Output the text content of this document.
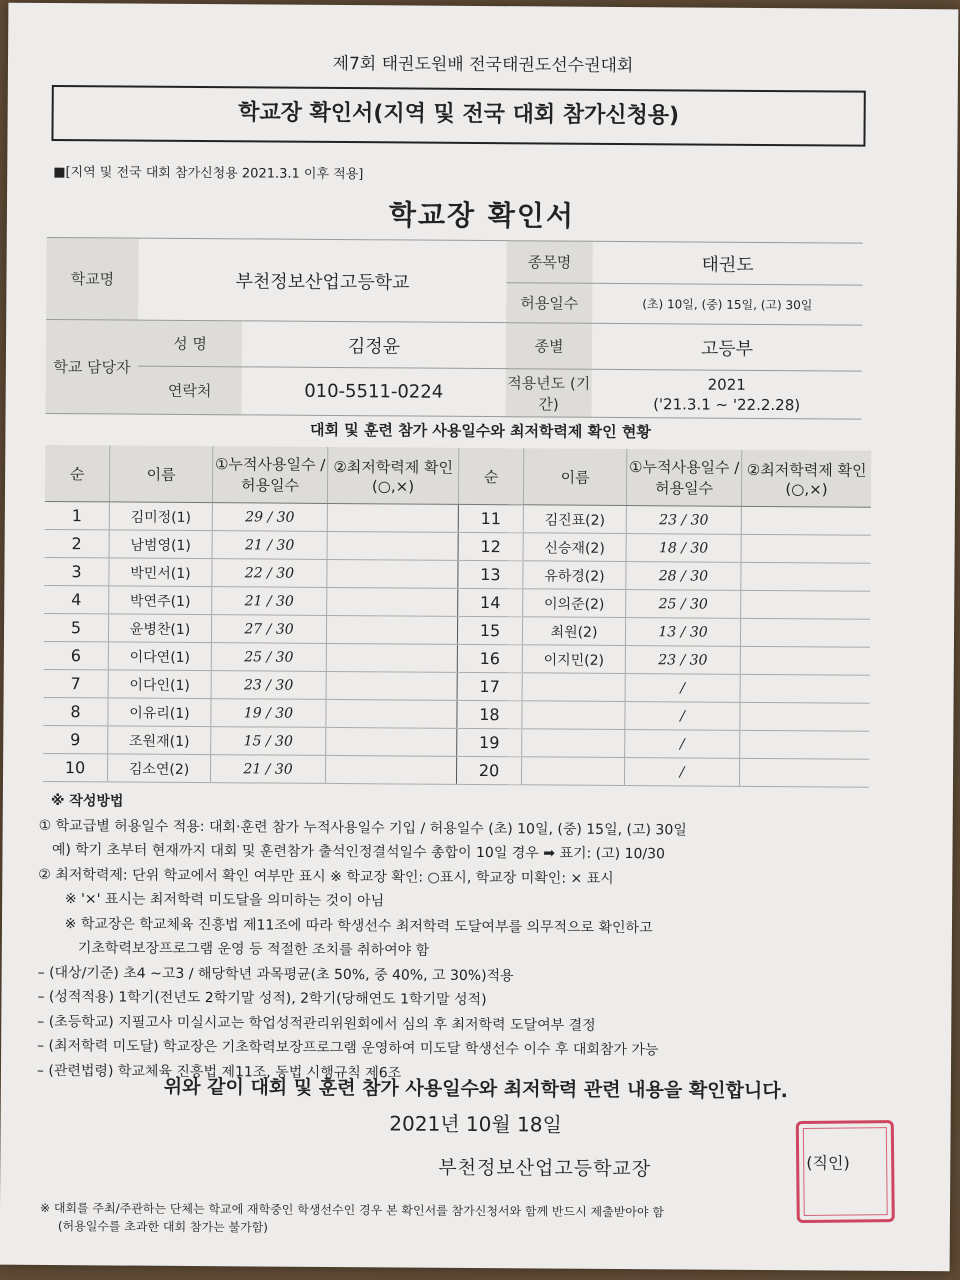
제7회 태권도원배 전국태권도선수권대회
학교장 확인서(지역 및 전국 대회 참가신청용)
■[지역 및 전국 대회 참가신청용 2021.3.1 이후 적용]
학교장 확인서
학교명	부천정보산업고등학교		종목명	태권도
			허용일수	(초) 10일, (중) 15일, (고) 30일
학교 담당자	성 명	김정윤	종별	고등부
	연락처	010-5511-0224	적용년도 (기간)	2021
('21.3.1 ~ '22.2.28)
대회 및 훈련 참가 사용일수와 최저학력제 확인 현황
순	이름	①누적사용일수 /허용일수	②최저학력제 확인(○,×)	순	이름	①누적사용일수 /허용일수	②최저학력제 확인(○,×)
1	김미정(1)	29 / 30		11	김진표(2)	23 / 30	
2	남범영(1)	21 / 30		12	신승재(2)	18 / 30	
3	박민서(1)	22 / 30		13	유하경(2)	28 / 30	
4	박연주(1)	21 / 30		14	이의준(2)	25 / 30	
5	윤병찬(1)	27 / 30		15	최원(2)	13 / 30	
6	이다연(1)	25 / 30		16	이지민(2)	23 / 30	
7	이다인(1)	23 / 30		17		/	
8	이유리(1)	19 / 30		18		/	
9	조원재(1)	15 / 30		19		/	
10	김소연(2)	21 / 30		20		/	
※ 작성방법
① 학교급별 허용일수 적용: 대회·훈련 참가 누적사용일수 기입 / 허용일수 (초) 10일, (중) 15일, (고) 30일
예) 학기 초부터 현재까지 대회 및 훈련참가 출석인정결석일수 총합이 10일 경우 ➡ 표기: (고) 10/30
② 최저학력제: 단위 학교에서 확인 여부만 표시 ※ 학교장 확인: ○표시, 학교장 미확인: × 표시
※ '×' 표시는 최저학력 미도달을 의미하는 것이 아님
※ 학교장은 학교체육 진흥법 제11조에 따라 학생선수 최저학력 도달여부를 의무적으로 확인하고
기초학력보장프로그램 운영 등 적절한 조치를 취하여야 함
– (대상/기준) 초4 ~고3 / 해당학년 과목평균(초 50%, 중 40%, 고 30%)적용
– (성적적용) 1학기(전년도 2학기말 성적), 2학기(당해연도 1학기말 성적)
– (초등학교) 지필고사 미실시교는 학업성적관리위원회에서 심의 후 최저학력 도달여부 결정
– (최저학력 미도달) 학교장은 기초학력보장프로그램 운영하여 미도달 학생선수 이수 후 대회참가 가능
– (관련법령) 학교체육 진흥법 제11조, 동법 시행규칙 제6조
위와 같이 대회 및 훈련 참가 사용일수와 최저학력 관련 내용을 확인합니다.
2021년 10월 18일
부천정보산업고등학교장	(직인)
※ 대회를 주최/주관하는 단체는 학교에 재학중인 학생선수인 경우 본 확인서를 참가신청서와 함께 반드시 제출받아야 함
(허용일수를 초과한 대회 참가는 불가함)
